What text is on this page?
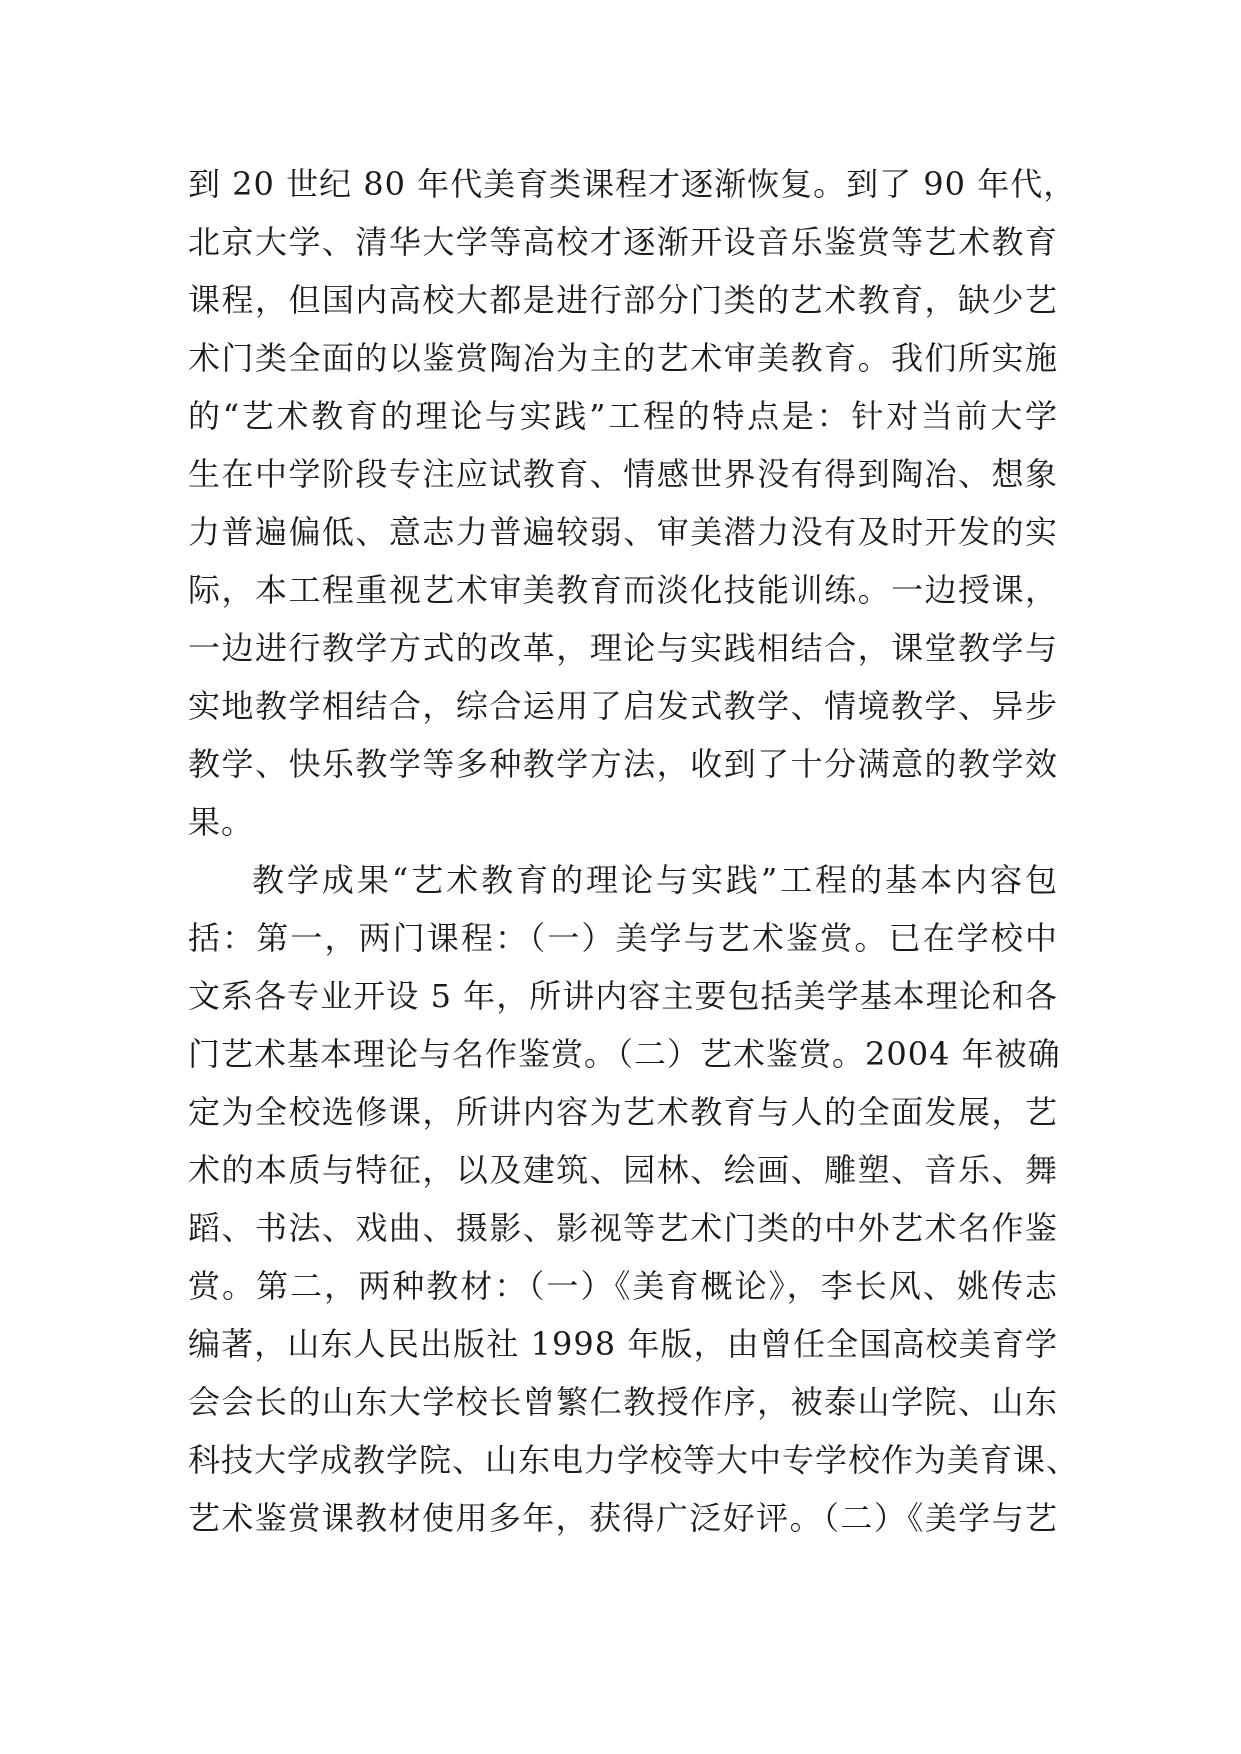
到 20 世纪 80 年代美育类课程才逐渐恢复。到了 90 年代，
北京大学、清华大学等高校才逐渐开设音乐鉴赏等艺术教育
课程，但国内高校大都是进行部分门类的艺术教育，缺少艺
术门类全面的以鉴赏陶冶为主的艺术审美教育。我们所实施
的“艺术教育的理论与实践”工程的特点是：针对当前大学
生在中学阶段专注应试教育、情感世界没有得到陶冶、想象
力普遍偏低、意志力普遍较弱、审美潜力没有及时开发的实
际，本工程重视艺术审美教育而淡化技能训练。一边授课，
一边进行教学方式的改革，理论与实践相结合，课堂教学与
实地教学相结合，综合运用了启发式教学、情境教学、异步
教学、快乐教学等多种教学方法，收到了十分满意的教学效
果。
教学成果“艺术教育的理论与实践”工程的基本内容包
括：第一，两门课程：（一）美学与艺术鉴赏。已在学校中
文系各专业开设 5 年，所讲内容主要包括美学基本理论和各
门艺术基本理论与名作鉴赏。（二）艺术鉴赏。2004 年被确
定为全校选修课，所讲内容为艺术教育与人的全面发展，艺
术的本质与特征，以及建筑、园林、绘画、雕塑、音乐、舞
蹈、书法、戏曲、摄影、影视等艺术门类的中外艺术名作鉴
赏。第二，两种教材：（一）《美育概论》，李长风、姚传志
编著，山东人民出版社 1998 年版，由曾任全国高校美育学
会会长的山东大学校长曾繁仁教授作序，被泰山学院、山东
科技大学成教学院、山东电力学校等大中专学校作为美育课、
艺术鉴赏课教材使用多年，获得广泛好评。（二）《美学与艺
